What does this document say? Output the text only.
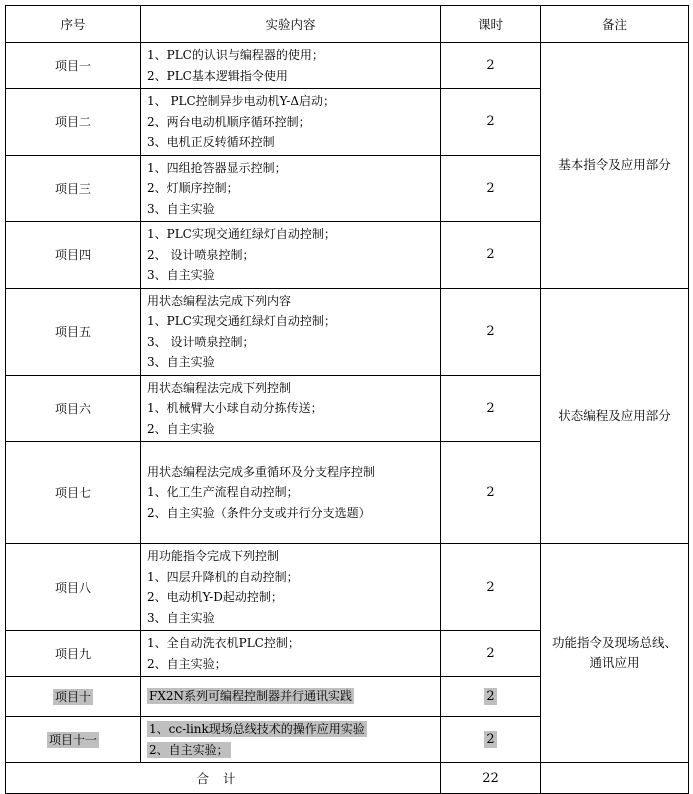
序号	实验内容	课时	备注
项目一	1、PLC的认识与编程器的使用；
2、PLC基本逻辑指令使用	2	基本指令及应用部分
项目二	1、 PLC控制异步电动机Y-Δ启动；
2、两台电动机顺序循环控制；
3、电机正反转循环控制	2	
项目三	1、四组抢答器显示控制；
2、灯顺序控制；
3、自主实验	2	
项目四	1、PLC实现交通红绿灯自动控制；
2、 设计喷泉控制；
3、自主实验	2	
项目五	用状态编程法完成下列内容
1、PLC实现交通红绿灯自动控制；
3、 设计喷泉控制；
3、自主实验	2	状态编程及应用部分
项目六	用状态编程法完成下列控制
1、机械臂大小球自动分拣传送；
2、自主实验	2	
项目七	用状态编程法完成多重循环及分支程序控制
1、化工生产流程自动控制；
2、自主实验（条件分支或并行分支选题）	2	
项目八	用功能指令完成下列控制
1、四层升降机的自动控制；
2、电动机Y-D起动控制；
3、自主实验	2	功能指令及现场总线、通讯应用
项目九	1、全自动洗衣机PLC控制；
2、自主实验；	2	
项目十	FX2N系列可编程控制器并行通讯实践	2	
项目十一	1、cc-link现场总线技术的操作应用实验
2、自主实验；	2	
合计		22	
